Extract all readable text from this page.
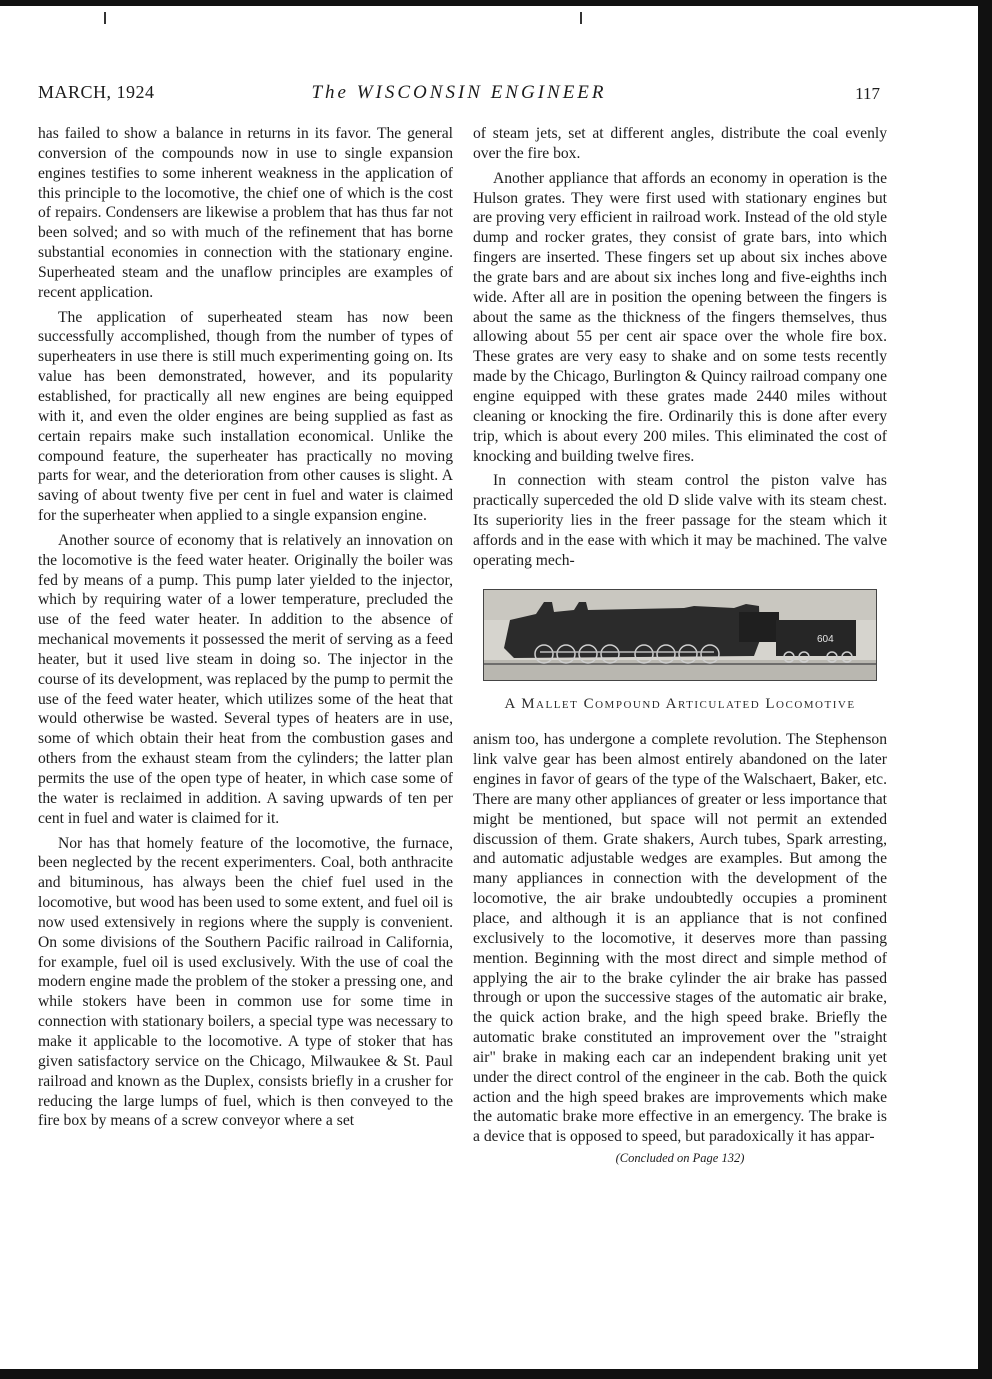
MARCH, 1924	The WISCONSIN ENGINEER	117

has failed to show a balance in returns in its favor. The general conversion of the compounds now in use to single expansion engines testifies to some inherent weakness in the application of this principle to the locomotive, the chief one of which is the cost of repairs. Condensers are likewise a problem that has thus far not been solved; and so with much of the refinement that has borne substantial economies in connection with the stationary engine. Superheated steam and the unaflow principles are examples of recent application.

The application of superheated steam has now been successfully accomplished, though from the number of types of superheaters in use there is still much experimenting going on. Its value has been demonstrated, however, and its popularity established, for practically all new engines are being equipped with it, and even the older engines are being supplied as fast as certain repairs make such installation economical. Unlike the compound feature, the superheater has practically no moving parts for wear, and the deterioration from other causes is slight. A saving of about twenty five per cent in fuel and water is claimed for the superheater when applied to a single expansion engine.

Another source of economy that is relatively an innovation on the locomotive is the feed water heater. Originally the boiler was fed by means of a pump. This pump later yielded to the injector, which by requiring water of a lower temperature, precluded the use of the feed water heater. In addition to the absence of mechanical movements it possessed the merit of serving as a feed heater, but it used live steam in doing so. The injector in the course of its development, was replaced by the pump to permit the use of the feed water heater, which utilizes some of the heat that would otherwise be wasted. Several types of heaters are in use, some of which obtain their heat from the combustion gases and others from the exhaust steam from the cylinders; the latter plan permits the use of the open type of heater, in which case some of the water is reclaimed in addition. A saving upwards of ten per cent in fuel and water is claimed for it.

Nor has that homely feature of the locomotive, the furnace, been neglected by the recent experimenters. Coal, both anthracite and bituminous, has always been the chief fuel used in the locomotive, but wood has been used to some extent, and fuel oil is now used extensively in regions where the supply is convenient. On some divisions of the Southern Pacific railroad in California, for example, fuel oil is used exclusively. With the use of coal the modern engine made the problem of the stoker a pressing one, and while stokers have been in common use for some time in connection with stationary boilers, a special type was necessary to make it applicable to the locomotive. A type of stoker that has given satisfactory service on the Chicago, Milwaukee & St. Paul railroad and known as the Duplex, consists briefly in a crusher for reducing the large lumps of fuel, which is then conveyed to the fire box by means of a screw conveyor where a set

of steam jets, set at different angles, distribute the coal evenly over the fire box.

Another appliance that affords an economy in operation is the Hulson grates. They were first used with stationary engines but are proving very efficient in railroad work. Instead of the old style dump and rocker grates, they consist of grate bars, into which fingers are inserted. These fingers set up about six inches above the grate bars and are about six inches long and five-eighths inch wide. After all are in position the opening between the fingers is about the same as the thickness of the fingers themselves, thus allowing about 55 per cent air space over the whole fire box. These grates are very easy to shake and on some tests recently made by the Chicago, Burlington & Quincy railroad company one engine equipped with these grates made 2440 miles without cleaning or knocking the fire. Ordinarily this is done after every trip, which is about every 200 miles. This eliminated the cost of knocking and building twelve fires.

In connection with steam control the piston valve has practically superceded the old D slide valve with its steam chest. Its superiority lies in the freer passage for the steam which it affords and in the ease with which it may be machined. The valve operating mech-

604
A Mallet Compound Articulated Locomotive

anism too, has undergone a complete revolution. The Stephenson link valve gear has been almost entirely abandoned on the later engines in favor of gears of the type of the Walschaert, Baker, etc. There are many other appliances of greater or less importance that might be mentioned, but space will not permit an extended discussion of them. Grate shakers, Aurch tubes, Spark arresting, and automatic adjustable wedges are examples. But among the many appliances in connection with the development of the locomotive, the air brake undoubtedly occupies a prominent place, and although it is an appliance that is not confined exclusively to the locomotive, it deserves more than passing mention. Beginning with the most direct and simple method of applying the air to the brake cylinder the air brake has passed through or upon the successive stages of the automatic air brake, the quick action brake, and the high speed brake. Briefly the automatic brake constituted an improvement over the "straight air" brake in making each car an independent braking unit yet under the direct control of the engineer in the cab. Both the quick action and the high speed brakes are improvements which make the automatic brake more effective in an emergency. The brake is a device that is opposed to speed, but paradoxically it has appar-

(Concluded on Page 132)
